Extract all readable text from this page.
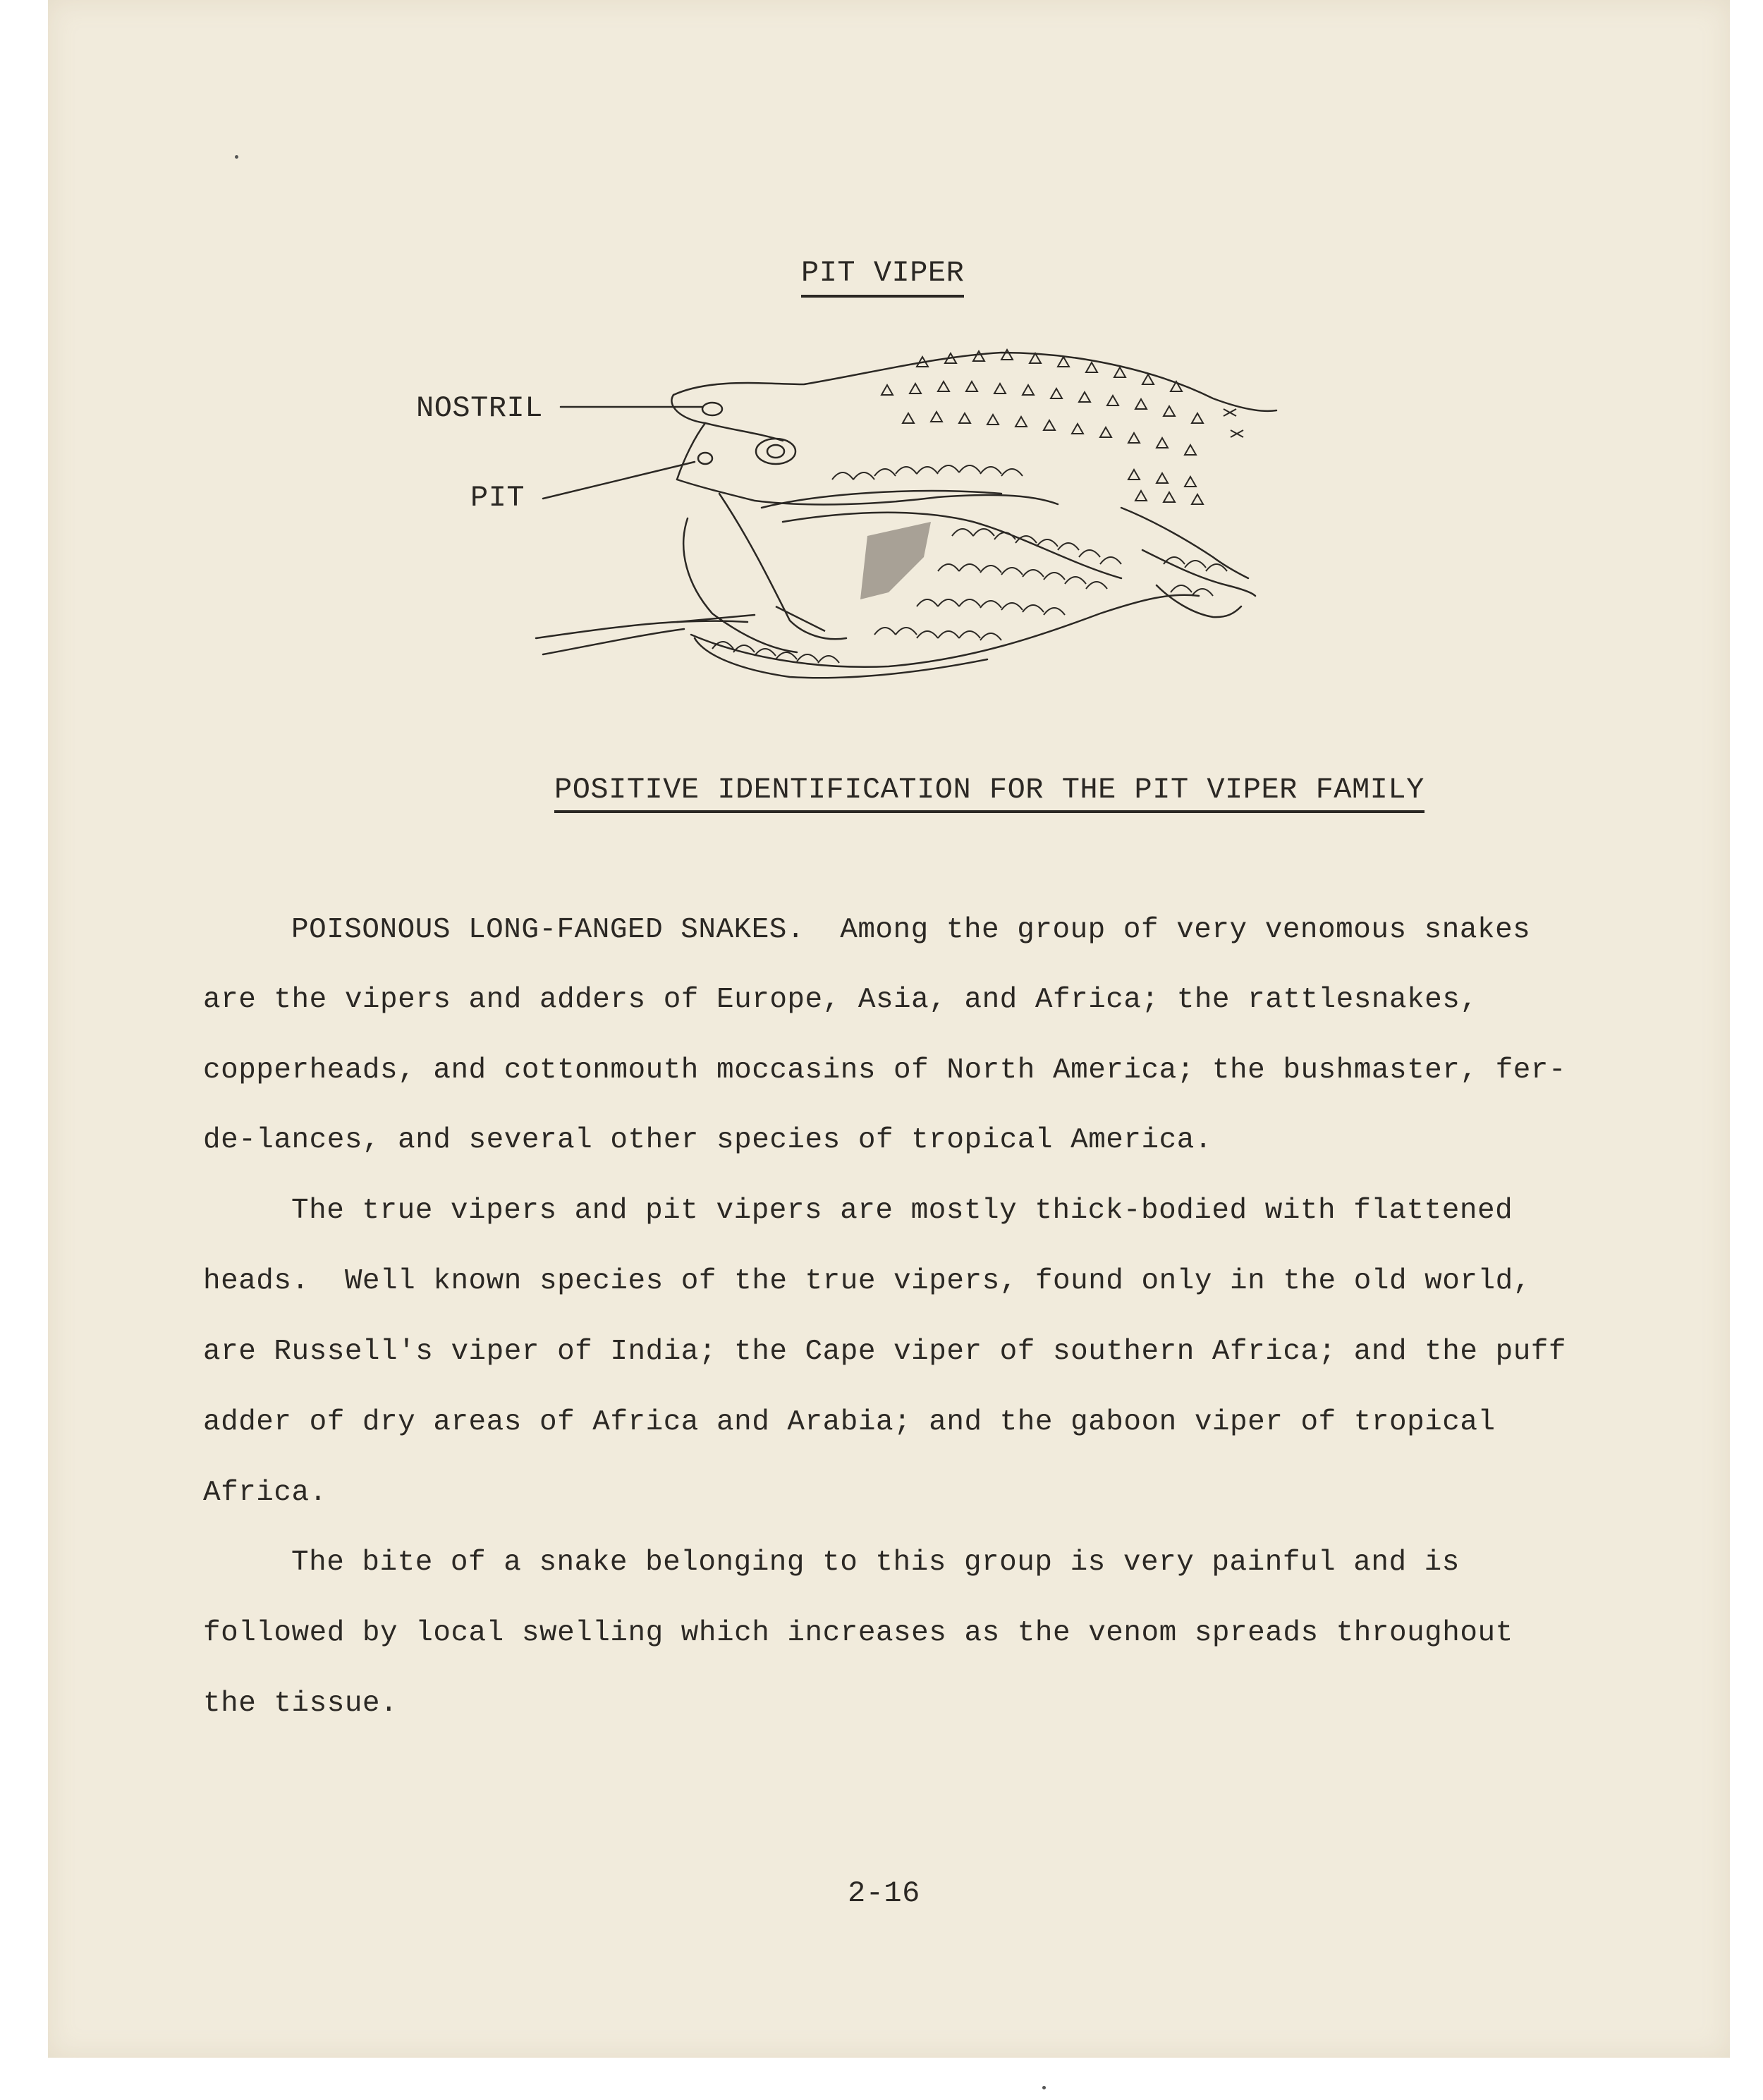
PIT VIPER
NOSTRIL
PIT
POSITIVE IDENTIFICATION FOR THE PIT VIPER FAMILY
POISONOUS LONG-FANGED SNAKES.  Among the group of very venomous snakes
are the vipers and adders of Europe, Asia, and Africa; the rattlesnakes,
copperheads, and cottonmouth moccasins of North America; the bushmaster, fer-
de-lances, and several other species of tropical America.
The true vipers and pit vipers are mostly thick-bodied with flattened
heads.  Well known species of the true vipers, found only in the old world,
are Russell's viper of India; the Cape viper of southern Africa; and the puff
adder of dry areas of Africa and Arabia; and the gaboon viper of tropical
Africa.
The bite of a snake belonging to this group is very painful and is
followed by local swelling which increases as the venom spreads throughout
the tissue.
2-16
